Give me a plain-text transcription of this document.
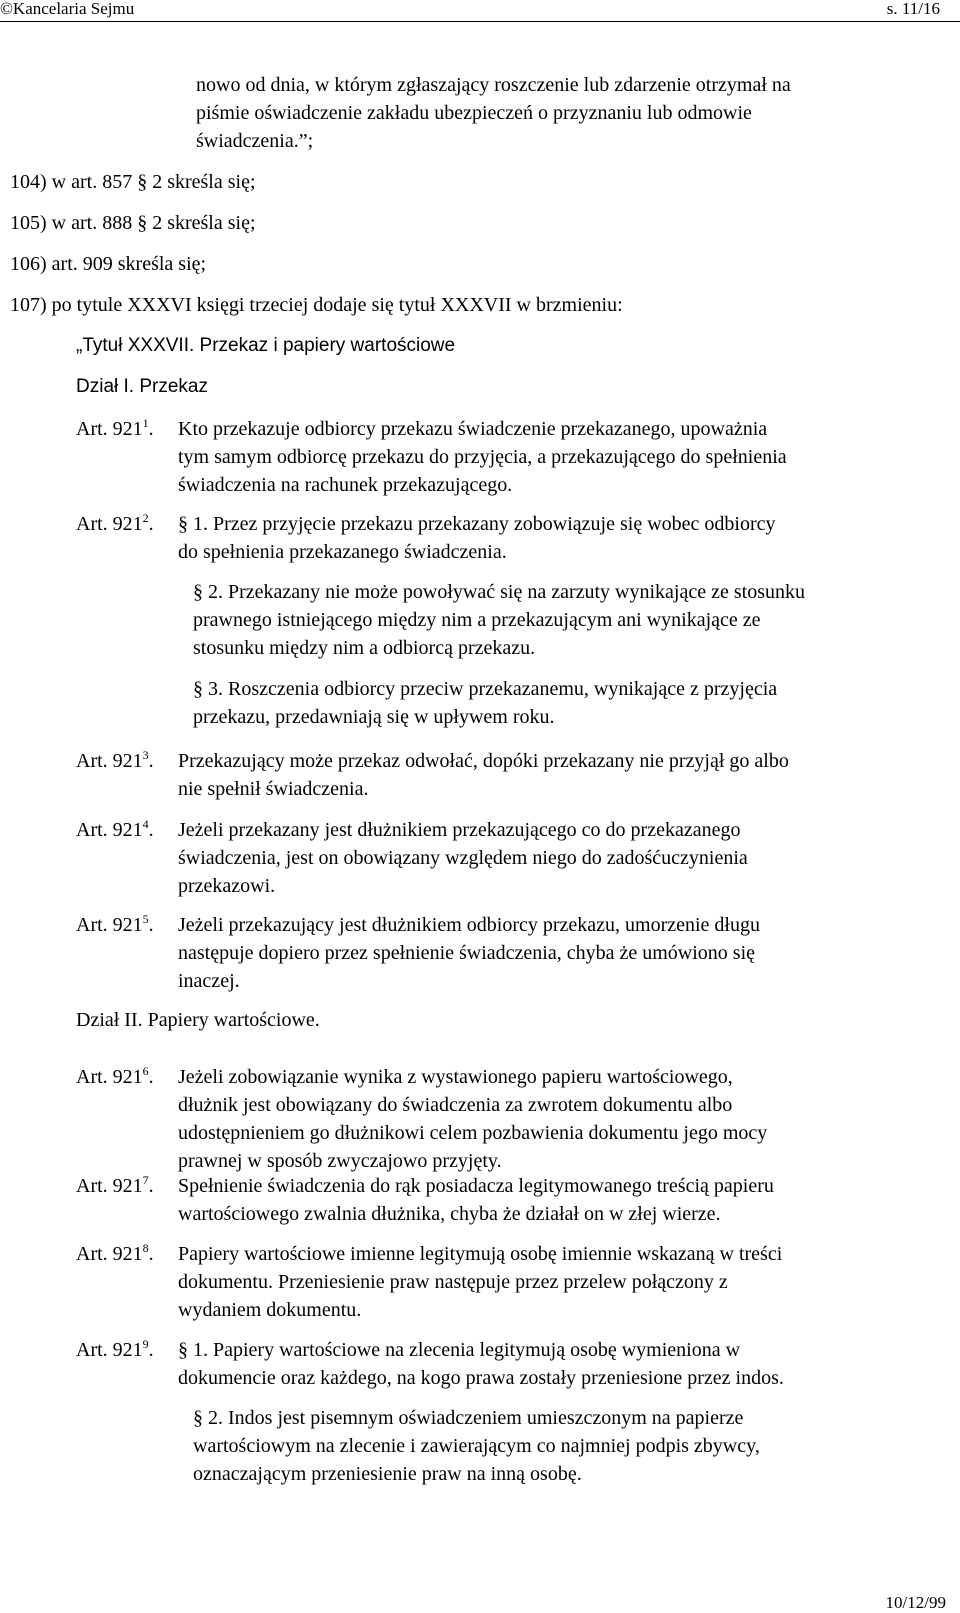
©Kancelaria Sejmu	s. 11/16
nowo od dnia, w którym zgłaszający roszczenie lub zdarzenie otrzymał na
piśmie oświadczenie zakładu ubezpieczeń o przyznaniu lub odmowie
świadczenia.”;
104) w art. 857 § 2 skreśla się;
105) w art. 888 § 2 skreśla się;
106) art. 909 skreśla się;
107) po tytule XXXVI księgi trzeciej dodaje się tytuł XXXVII w brzmieniu:
„Tytuł XXXVII. Przekaz i papiery wartościowe
Dział I. Przekaz
Art. $921^1$. Kto przekazuje odbiorcy przekazu świadczenie przekazanego, upoważnia
tym samym odbiorcę przekazu do przyjęcia, a przekazującego do spełnienia
świadczenia na rachunek przekazującego.
Art. $921^2$. § 1. Przez przyjęcie przekazu przekazany zobowiązuje się wobec odbiorcy
do spełnienia przekazanego świadczenia.
Art. $921^3$. Przekazujący może przekaz odwołać, dopóki przekazany nie przyjął go albo
nie spełnił świadczenia.
Art. $921^4$. Jeżeli przekazany jest dłużnikiem przekazującego co do przekazanego
świadczenia, jest on obowiązany względem niego do zadośćuczynienia
przekazowi.
Art. $921^5$. Jeżeli przekazujący jest dłużnikiem odbiorcy przekazu, umorzenie długu
następuje dopiero przez spełnienie świadczenia, chyba że umówiono się
inaczej.
Art. $921^6$. Jeżeli zobowiązanie wynika z wystawionego papieru wartościowego,
dłużnik jest obowiązany do świadczenia za zwrotem dokumentu albo
udostępnieniem go dłużnikowi celem pozbawienia dokumentu jego mocy
prawnej w sposób zwyczajowo przyjęty.
Art. $921^7$. Spełnienie świadczenia do rąk posiadacza legitymowanego treścią papieru
wartościowego zwalnia dłużnika, chyba że działał on w złej wierze.
Art. $921^8$. Papiery wartościowe imienne legitymują osobę imiennie wskazaną w treści
dokumentu. Przeniesienie praw następuje przez przelew połączony z
wydaniem dokumentu.
Art. $921^9$. § 1. Papiery wartościowe na zlecenia legitymują osobę wymieniona w
dokumencie oraz każdego, na kogo prawa zostały przeniesione przez indos.
§ 2. Przekazany nie może powoływać się na zarzuty wynikające ze stosunku
prawnego istniejącego między nim a przekazującym ani wynikające ze
stosunku między nim a odbiorcą przekazu.
§ 3. Roszczenia odbiorcy przeciw przekazanemu, wynikające z przyjęcia
przekazu, przedawniają się w upływem roku.
Dział II. Papiery wartościowe.
§ 2. Indos jest pisemnym oświadczeniem umieszczonym na papierze
wartościowym na zlecenie i zawierającym co najmniej podpis zbywcy,
oznaczającym przeniesienie praw na inną osobę.
10/12/99
